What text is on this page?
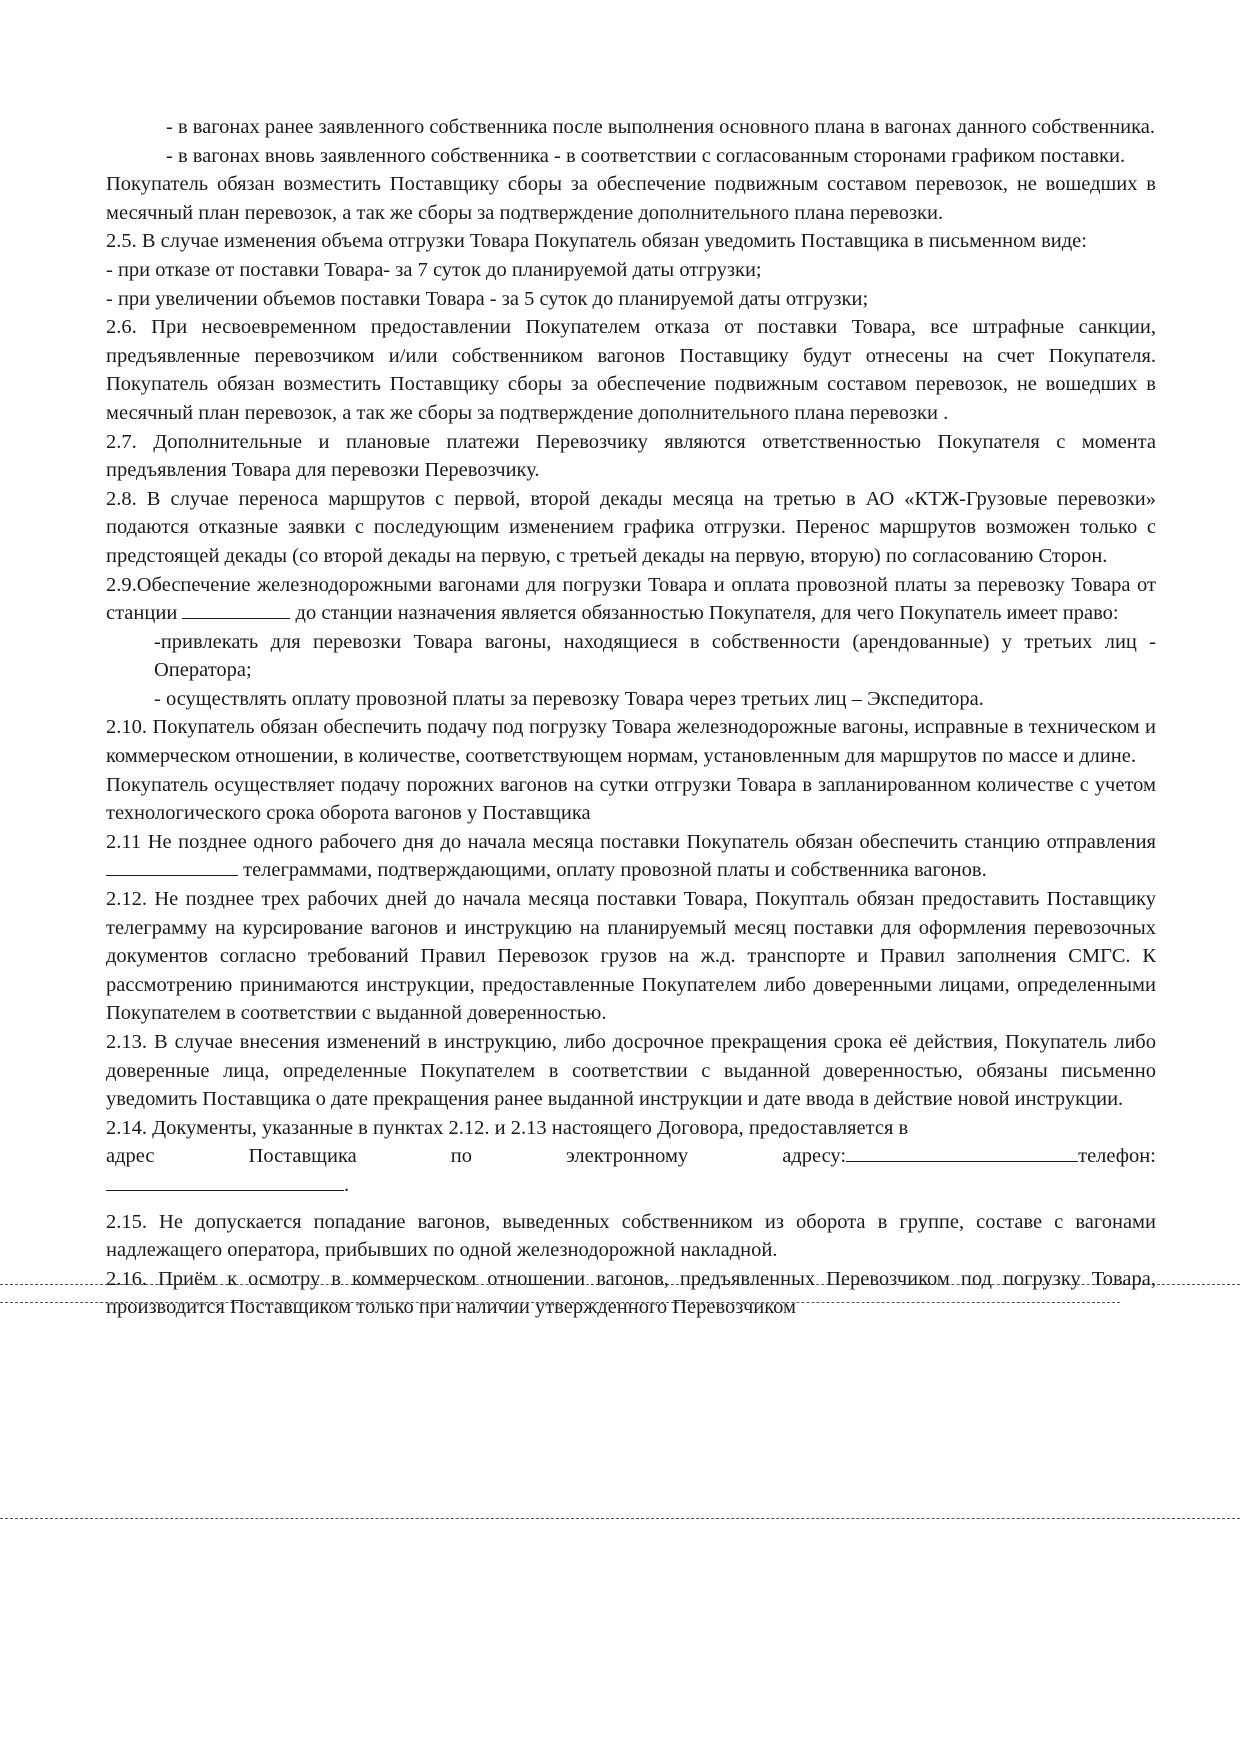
- в вагонах ранее заявленного собственника после выполнения основного плана в вагонах данного собственника.

- в вагонах вновь заявленного собственника - в соответствии с согласованным сторонами графиком поставки.

Покупатель обязан возместить Поставщику сборы за обеспечение подвижным составом перевозок, не вошедших в месячный план перевозок, а так же сборы за подтверждение дополнительного плана перевозки.

2.5. В случае изменения объема отгрузки Товара Покупатель обязан уведомить Поставщика в письменном виде:

- при отказе от поставки Товара- за 7 суток до планируемой даты отгрузки;

- при увеличении объемов поставки Товара - за 5 суток до планируемой даты отгрузки;

2.6. При несвоевременном предоставлении Покупателем отказа от поставки Товара, все штрафные санкции, предъявленные перевозчиком и/или собственником вагонов Поставщику будут отнесены на счет Покупателя. Покупатель обязан возместить Поставщику сборы за обеспечение подвижным составом перевозок, не вошедших в месячный план перевозок, а так же сборы за подтверждение дополнительного плана перевозки .

2.7. Дополнительные и плановые платежи Перевозчику являются ответственностью Покупателя с момента предъявления Товара для перевозки Перевозчику.

2.8. В случае переноса маршрутов с первой, второй декады месяца на третью в АО «КТЖ-Грузовые перевозки» подаются отказные заявки с последующим изменением графика отгрузки. Перенос маршрутов возможен только с предстоящей декады (со второй декады на первую, с третьей декады на первую, вторую) по согласованию Сторон.

2.9.Обеспечение железнодорожными вагонами для погрузки Товара и оплата провозной платы за перевозку Товара от станции	до станции назначения является обязанностью Покупателя, для чего Покупатель имеет право:

-привлекать для перевозки Товара вагоны, находящиеся в собственности (арендованные) у третьих лиц - Оператора;

- осуществлять оплату провозной платы за перевозку Товара через третьих лиц – Экспедитора.

2.10. Покупатель обязан обеспечить подачу под погрузку Товара железнодорожные вагоны, исправные в техническом и коммерческом отношении, в количестве, соответствующем нормам, установленным для маршрутов по массе и длине.

Покупатель осуществляет подачу порожних вагонов на сутки отгрузки Товара в запланированном количестве с учетом технологического срока оборота вагонов у Поставщика

2.11 Не позднее одного рабочего дня до начала месяца поставки Покупатель обязан обеспечить станцию отправления  телеграммами, подтверждающими, оплату провозной платы и собственника вагонов.

2.12. Не позднее трех рабочих дней до начала месяца поставки Товара, Покупталь обязан предоставить Поставщику телеграмму на курсирование вагонов и инструкцию на планируемый месяц поставки для оформления перевозочных документов согласно требований Правил Перевозок грузов на ж.д. транспорте и Правил заполнения СМГС. К рассмотрению принимаются инструкции, предоставленные Покупателем либо доверенными лицами, определенными Покупателем в соответствии с выданной доверенностью.

2.13. В случае внесения изменений в инструкцию, либо досрочное прекращения срока её действия, Покупатель либо доверенные лица, определенные Покупателем в соответствии с выданной доверенностью, обязаны письменно уведомить Поставщика о дате прекращения ранее выданной инструкции и дате ввода в действие новой инструкции.

2.14. Документы, указанные в пунктах 2.12. и 2.13 настоящего Договора, предоставляется в

адрес	Поставщика	по	электронному	адресу:	телефон:

.

2.15. Не допускается попадание вагонов, выведенных собственником из оборота в группе, составе с вагонами надлежащего оператора, прибывших по одной железнодорожной накладной.

2.16. Приём к осмотру в коммерческом отношении вагонов, предъявленных Перевозчиком под погрузку Товара, производится Поставщиком только при наличии утвержденного Перевозчиком
